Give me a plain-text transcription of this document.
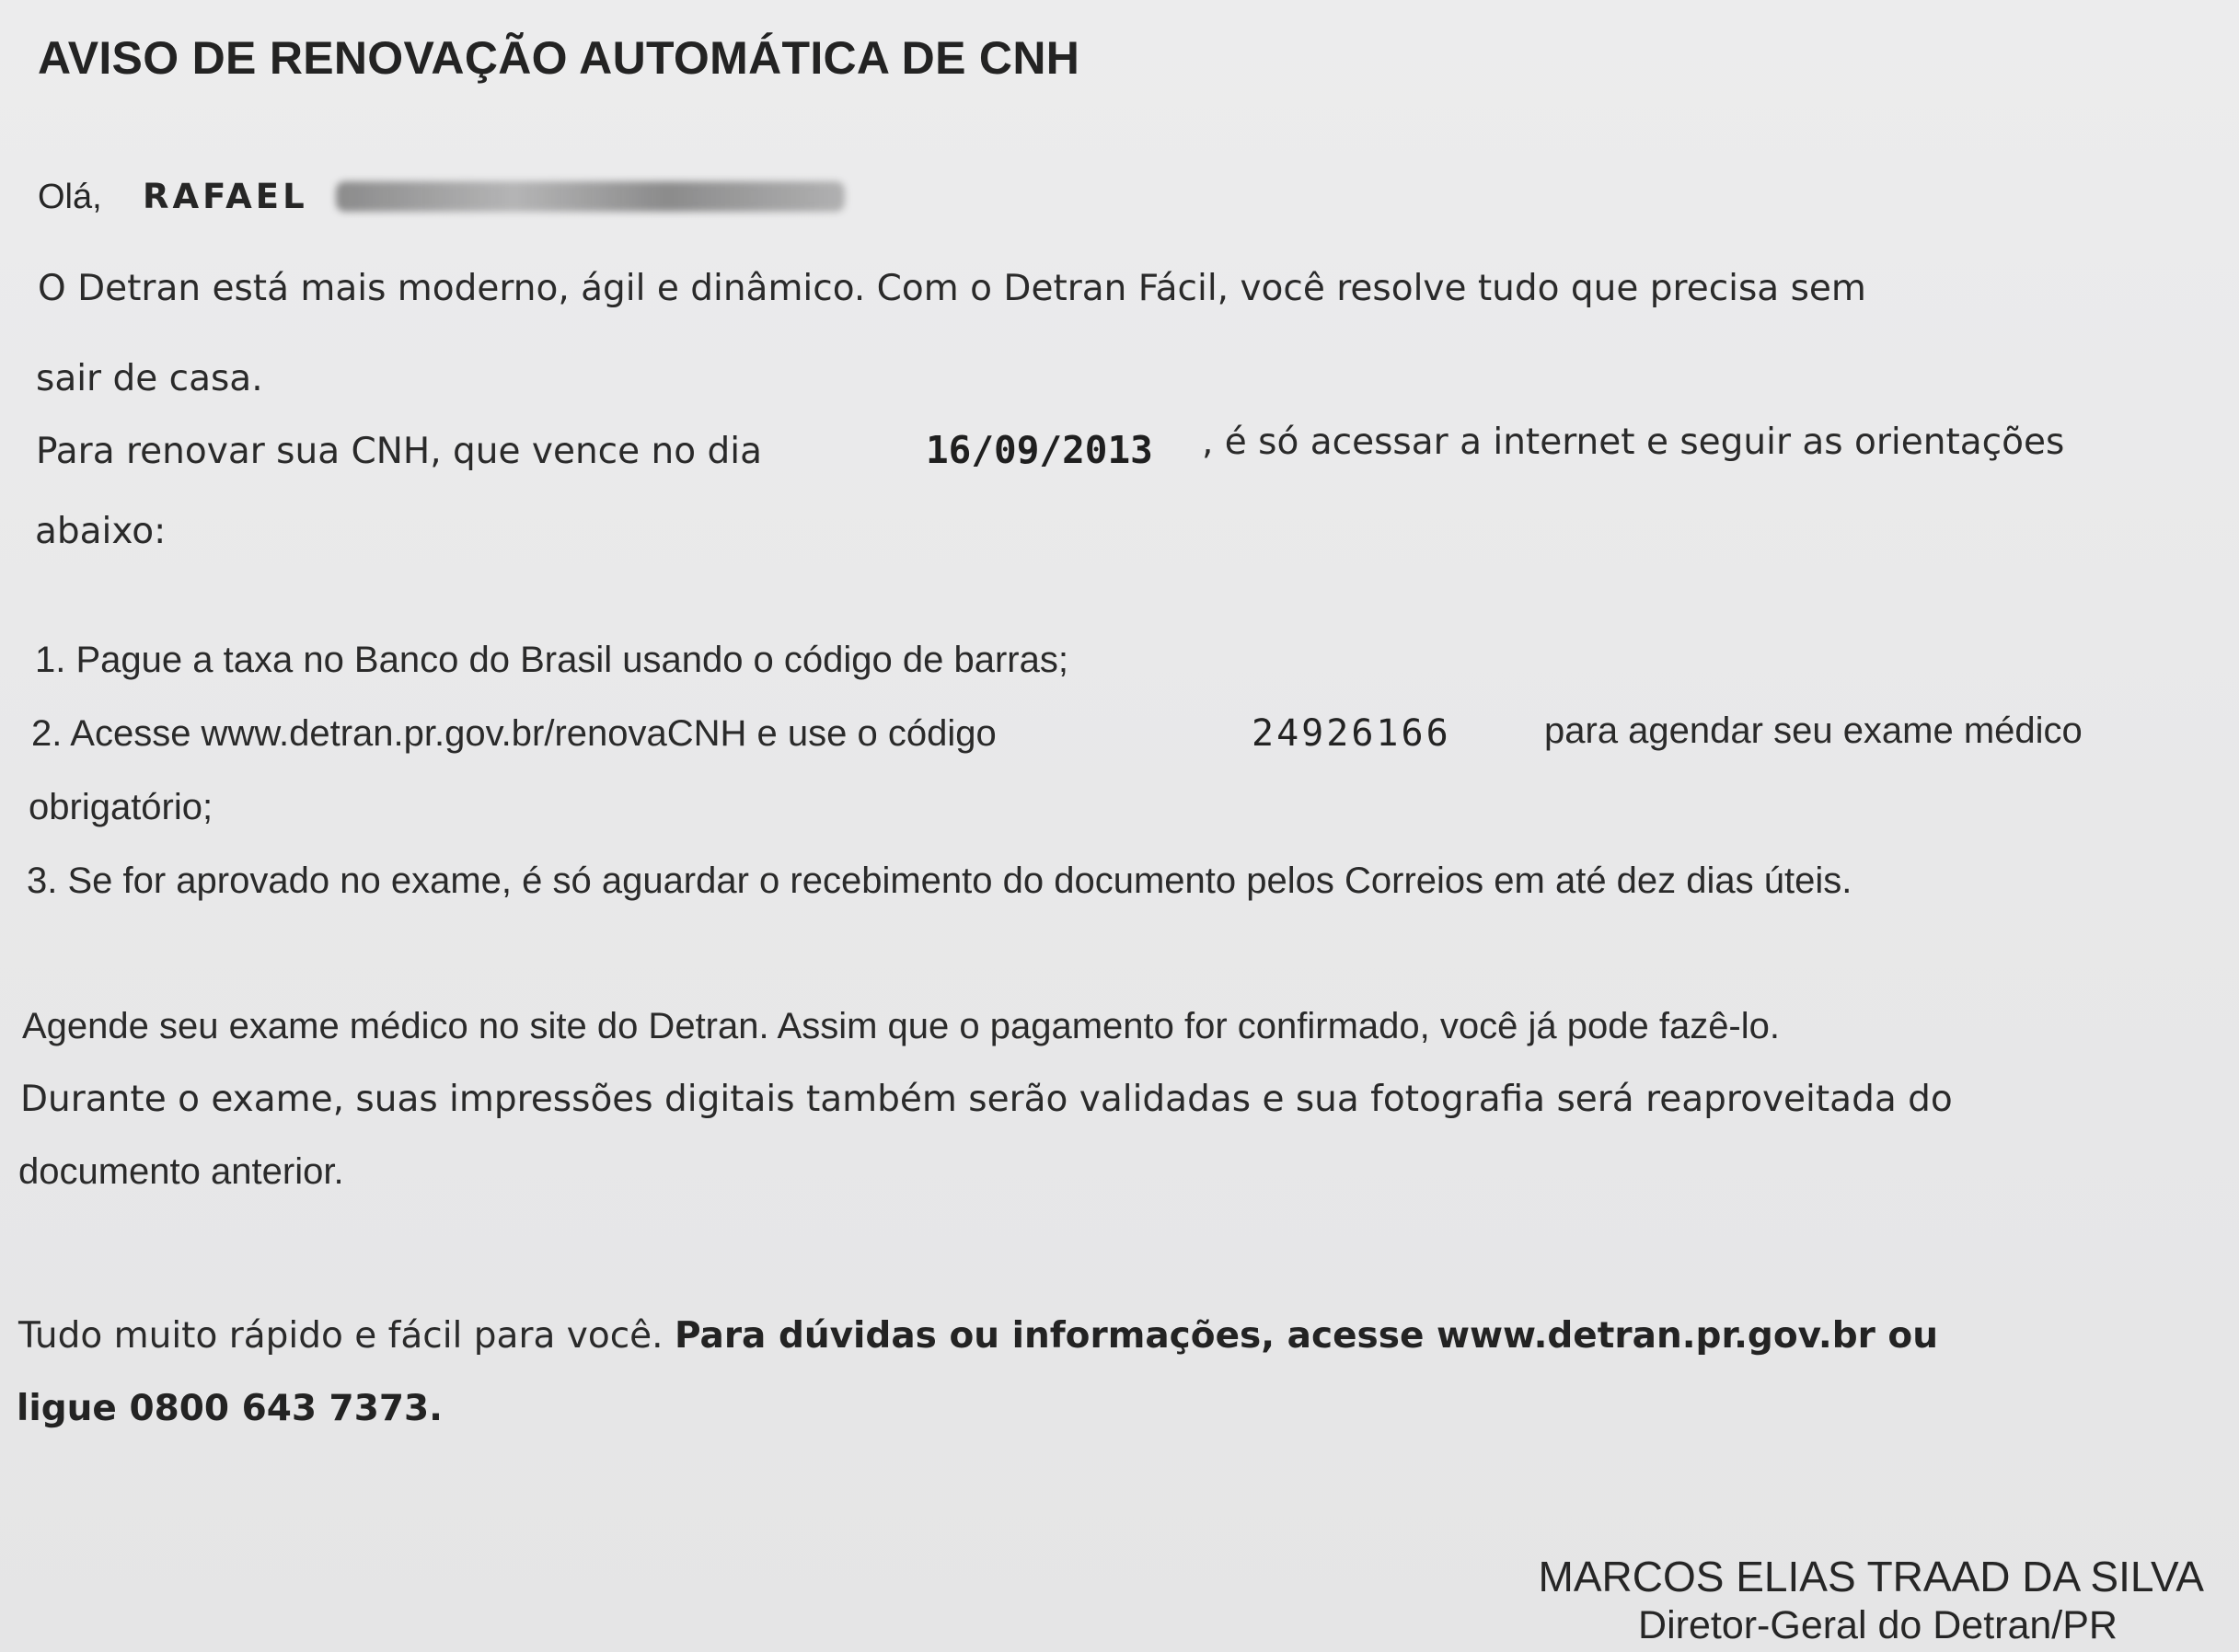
AVISO DE RENOVAÇÃO AUTOMÁTICA DE CNH
Olá, RAFAEL

O Detran está mais moderno, ágil e dinâmico. Com o Detran Fácil, você resolve tudo que precisa sem

sair de casa.

Para renovar sua CNH, que vence no dia	16/09/2013 , é só acessar a internet e seguir as orientações

abaixo:

1. Pague a taxa no Banco do Brasil usando o código de barras;

2. Acesse www.detran.pr.gov.br/renovaCNH e use o código	24926166	para agendar seu exame médico

obrigatório;

3. Se for aprovado no exame, é só aguardar o recebimento do documento pelos Correios em até dez dias úteis.

Agende seu exame médico no site do Detran. Assim que o pagamento for confirmado, você já pode fazê-lo.

Durante o exame, suas impressões digitais também serão validadas e sua fotografia será reaproveitada do

documento anterior.

Tudo muito rápido e fácil para você. Para dúvidas ou informações, acesse www.detran.pr.gov.br ou

ligue 0800 643 7373.

MARCOS ELIAS TRAAD DA SILVA

Diretor-Geral do Detran/PR
